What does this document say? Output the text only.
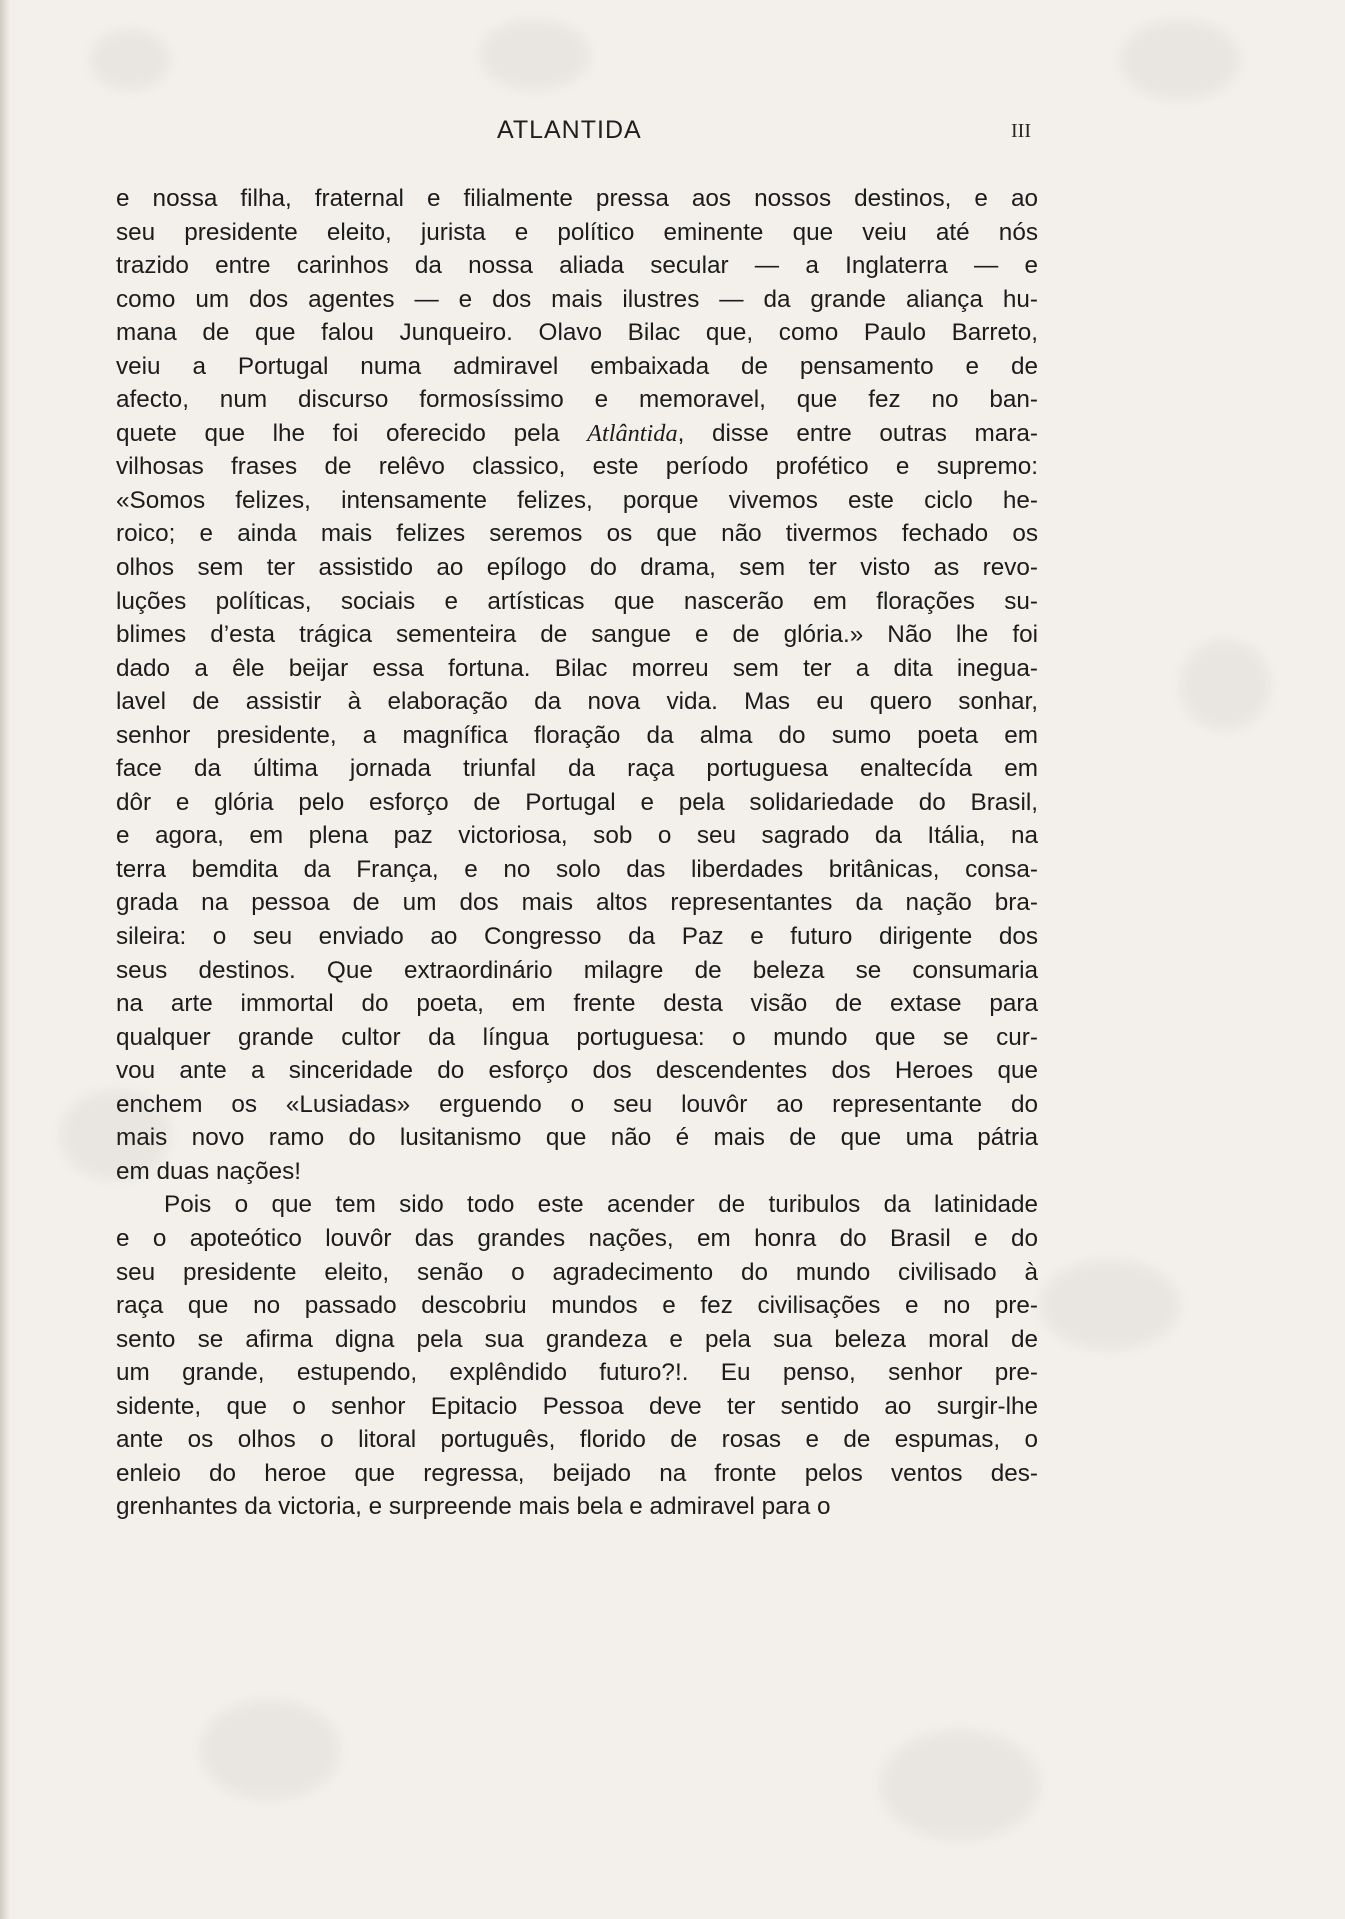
ATLANTIDA	III

e nossa filha, fraternal e filialmente pressa aos nossos destinos, e ao
seu presidente eleito, jurista e político eminente que veiu até nós
trazido entre carinhos da nossa aliada secular — a Inglaterra — e
como um dos agentes — e dos mais ilustres — da grande aliança hu-
mana de que falou Junqueiro. Olavo Bilac que, como Paulo Barreto,
veiu a Portugal numa admiravel embaixada de pensamento e de
afecto, num discurso formosíssimo e memoravel, que fez no ban-
quete que lhe foi oferecido pela Atlântida, disse entre outras mara-
vilhosas frases de relêvo classico, este período profético e supremo:
«Somos felizes, intensamente felizes, porque vivemos este ciclo he-
roico; e ainda mais felizes seremos os que não tivermos fechado os
olhos sem ter assistido ao epílogo do drama, sem ter visto as revo-
luções políticas, sociais e artísticas que nascerão em florações su-
blimes d’esta trágica sementeira de sangue e de glória.» Não lhe foi
dado a êle beijar essa fortuna. Bilac morreu sem ter a dita inegua-
lavel de assistir à elaboração da nova vida. Mas eu quero sonhar,
senhor presidente, a magnífica floração da alma do sumo poeta em
face da última jornada triunfal da raça portuguesa enaltecída em
dôr e glória pelo esforço de Portugal e pela solidariedade do Brasil,
e agora, em plena paz victoriosa, sob o seu sagrado da Itália, na
terra bemdita da França, e no solo das liberdades britânicas, consa-
grada na pessoa de um dos mais altos representantes da nação bra-
sileira: o seu enviado ao Congresso da Paz e futuro dirigente dos
seus destinos. Que extraordinário milagre de beleza se consumaria
na arte immortal do poeta, em frente desta visão de extase para
qualquer grande cultor da língua portuguesa: o mundo que se cur-
vou ante a sinceridade do esforço dos descendentes dos Heroes que
enchem os «Lusiadas» erguendo o seu louvôr ao representante do
mais novo ramo do lusitanismo que não é mais de que uma pátria
em duas nações!

Pois o que tem sido todo este acender de turibulos da latinidade
e o apoteótico louvôr das grandes nações, em honra do Brasil e do
seu presidente eleito, senão o agradecimento do mundo civilisado à
raça que no passado descobriu mundos e fez civilisações e no pre-
sento se afirma digna pela sua grandeza e pela sua beleza moral de
um grande, estupendo, explêndido futuro?!. Eu penso, senhor pre-
sidente, que o senhor Epitacio Pessoa deve ter sentido ao surgir-lhe
ante os olhos o litoral português, florido de rosas e de espumas, o
enleio do heroe que regressa, beijado na fronte pelos ventos des-
grenhantes da victoria, e surpreende mais bela e admiravel para o
